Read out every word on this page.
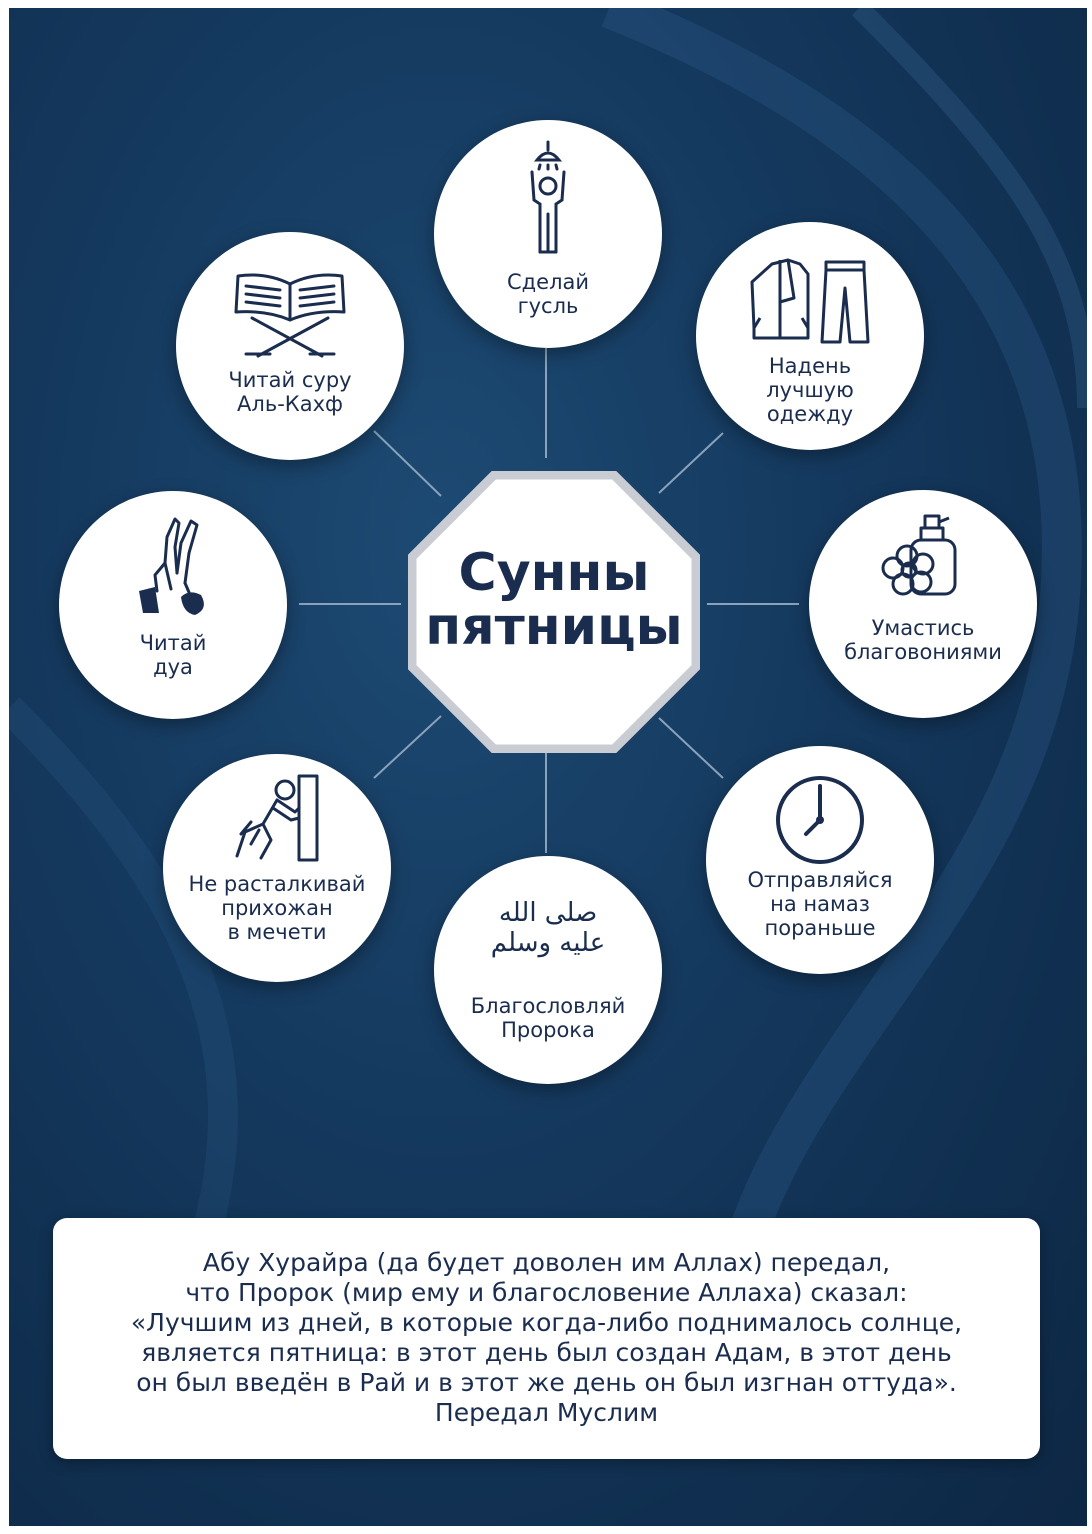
Сунны
пятницы
Сделай
гусль
Надень
лучшую
одежду
Умастись
благовониями
Отправляйся
на намаз
пораньше
صلى الله
عليه وسلم
Благословляй
Пророка
Не расталкивай
прихожан
в мечети
Читай
дуа
Читай суру
Аль-Кахф
Абу Хурайра (да будет доволен им Аллах) передал,
что Пророк (мир ему и благословение Аллаха) сказал:
«Лучшим из дней, в которые когда-либо поднималось солнце,
является пятница: в этот день был создан Адам, в этот день
он был введён в Рай и в этот же день он был изгнан оттуда».
Передал Муслим
